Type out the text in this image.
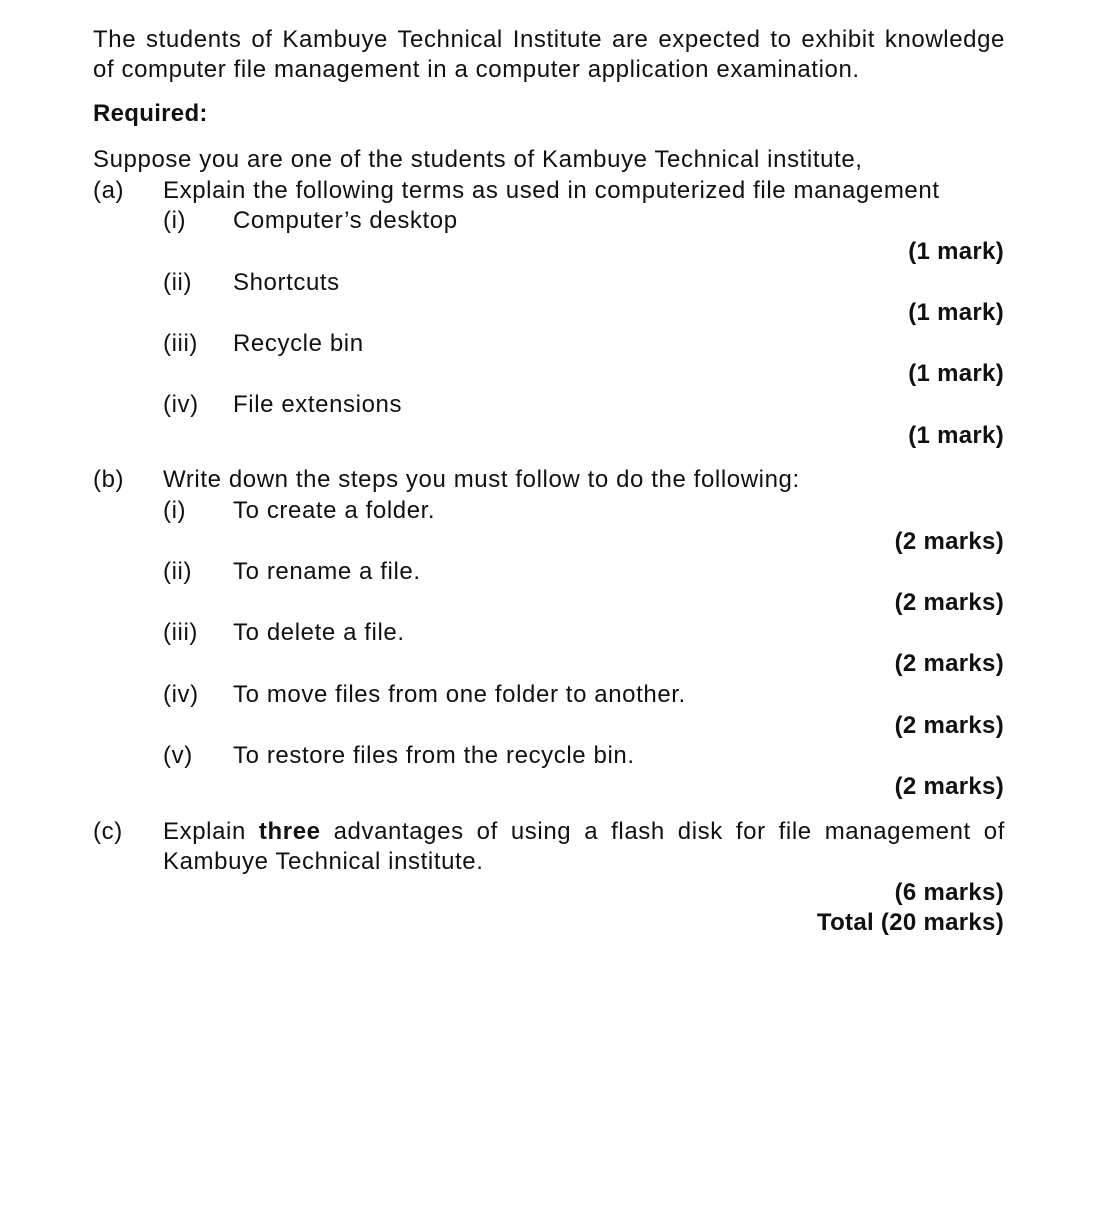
The students of Kambuye Technical Institute are expected to exhibit knowledge
of computer file management in a computer application examination.
Required:
Suppose you are one of the students of Kambuye Technical institute,
(a) Explain the following terms as used in computerized file management
(i) Computer’s desktop
(1 mark)
(ii) Shortcuts
(1 mark)
(iii) Recycle bin
(1 mark)
(iv) File extensions
(1 mark)
(b) Write down the steps you must follow to do the following:
(i) To create a folder.
(2 marks)
(ii) To rename a file.
(2 marks)
(iii) To delete a file.
(2 marks)
(iv) To move files from one folder to another.
(2 marks)
(v) To restore files from the recycle bin.
(2 marks)
(c) Explain three advantages of using a flash disk for file management of
Kambuye Technical institute.
(6 marks)
Total (20 marks)
